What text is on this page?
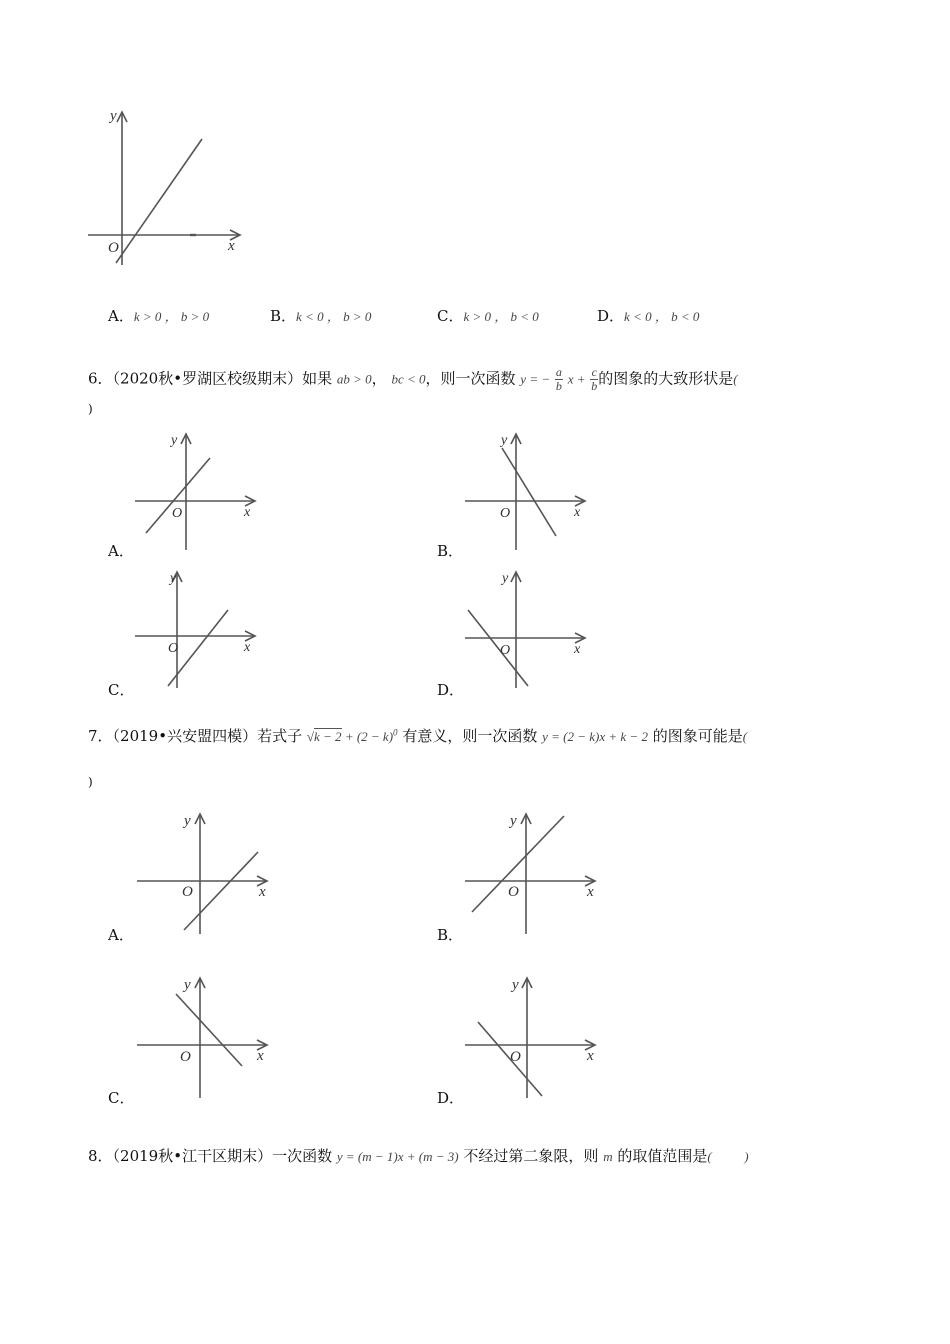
y
O	x
A．k > 0 ， b > 0	B．k < 0 ， b > 0	C．k > 0 ， b < 0	D．k < 0 ， b < 0
6．（2020秋•罗湖区校级期末）如果 ab > 0， bc < 0，则一次函数 y = − $\frac{a}{b}$ $x + \frac{c}{b}$ 的图象的大致形状是(
)
y
O	x
A．
y
O	x
B．
y
O	x
C．
y
O	x
D．
7．（2019•兴安盟四模）若式子 $√k - 2 + (2 - k)^0$ 有意义，则一次函数 y = (2 − k)x + k − 2 的图象可能是(
)
y
O	x
A．
y
O	x
B．
y
O	x
C．
y
O	x
D．
8．（2019秋•江干区期末）一次函数 y = (m − 1)x + (m − 3) 不经过第二象限，则 m 的取值范围是(          )
